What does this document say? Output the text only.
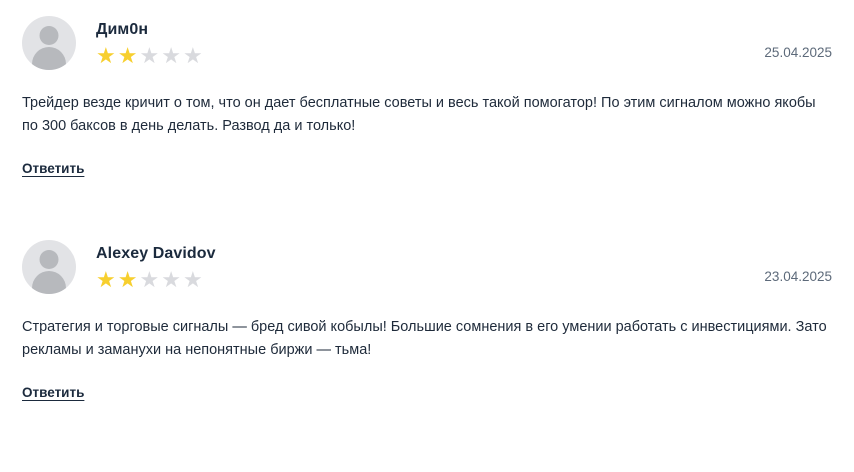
Дим0н
★★★★★	25.04.2025
Трейдер везде кричит о том, что он дает бесплатные советы и весь такой помогатор! По этим сигналом можно якобы по 300 баксов в день делать. Развод да и только!
Ответить
Alexey Davidov
★★★★★	23.04.2025
Стратегия и торговые сигналы — бред сивой кобылы! Большие сомнения в его умении работать с инвестициями. Зато рекламы и заманухи на непонятные биржи — тьма!
Ответить
